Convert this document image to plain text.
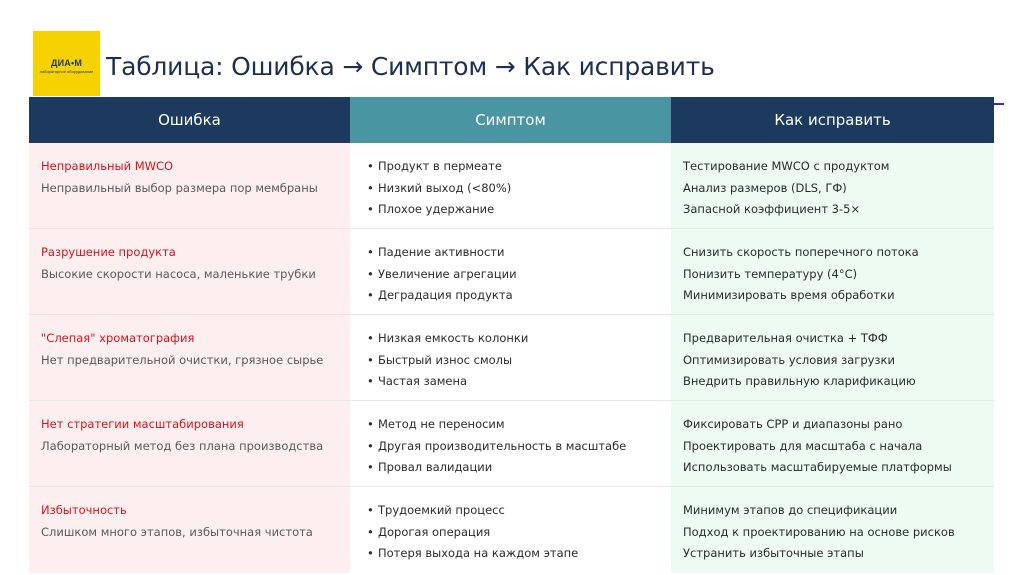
ДИА•М
лабораторное оборудование Таблица: Ошибка → Симптом → Как исправить
Ошибка	Симптом	Как исправить
Неправильный MWCO
Неправильный выбор размера пор мембраны
• Продукт в пермеате
• Низкий выход (<80%)
• Плохое удержание
Тестирование MWCO с продуктом
Анализ размеров (DLS, ГФ)
Запасной коэффициент 3-5×
Разрушение продукта
Высокие скорости насоса, маленькие трубки
• Падение активности
• Увеличение агрегации
• Деградация продукта
Снизить скорость поперечного потока
Понизить температуру (4°C)
Минимизировать время обработки
"Слепая" хроматография
Нет предварительной очистки, грязное сырье
• Низкая емкость колонки
• Быстрый износ смолы
• Частая замена
Предварительная очистка + ТФФ
Оптимизировать условия загрузки
Внедрить правильную кларификацию
Нет стратегии масштабирования
Лабораторный метод без плана производства
• Метод не переносим
• Другая производительность в масштабе
• Провал валидации
Фиксировать CPP и диапазоны рано
Проектировать для масштаба с начала
Использовать масштабируемые платформы
Избыточность
Слишком много этапов, избыточная чистота
• Трудоемкий процесс
• Дорогая операция
• Потеря выхода на каждом этапе
Минимум этапов до спецификации
Подход к проектированию на основе рисков
Устранить избыточные этапы
